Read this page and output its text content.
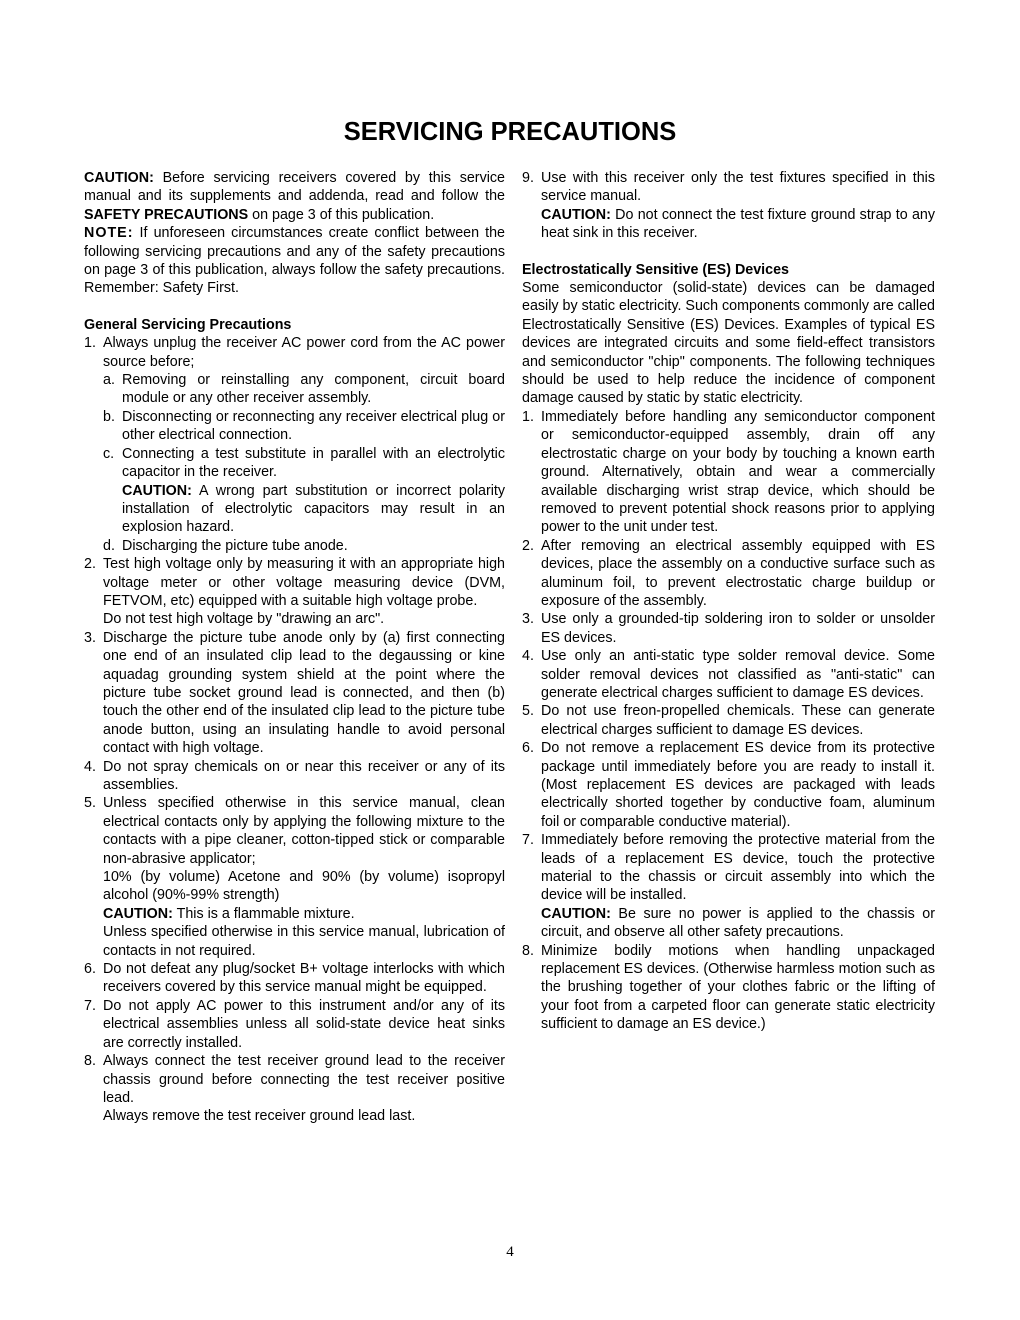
SERVICING PRECAUTIONS

CAUTION: Before servicing receivers covered by this service manual and its supplements and addenda, read and follow the SAFETY PRECAUTIONS on page 3 of this publication.

NOTE: If unforeseen circumstances create conflict between the following servicing precautions and any of the safety precautions on page 3 of this publication, always follow the safety precautions. Remember: Safety First.

General Servicing Precautions

1. Always unplug the receiver AC power cord from the AC power source before;
a. Removing or reinstalling any component, circuit board module or any other receiver assembly.
b. Disconnecting or reconnecting any receiver electrical plug or other electrical connection.
c. Connecting a test substitute in parallel with an electrolytic capacitor in the receiver.

CAUTION: A wrong part substitution or incorrect polarity installation of electrolytic capacitors may result in an explosion hazard.

d. Discharging the picture tube anode.
2. Test high voltage only by measuring it with an appropriate high voltage meter or other voltage measuring device (DVM, FETVOM, etc) equipped with a suitable high voltage probe.

Do not test high voltage by "drawing an arc".

3. Discharge the picture tube anode only by (a) first connecting one end of an insulated clip lead to the degaussing or kine aquadag grounding system shield at the point where the picture tube socket ground lead is connected, and then (b) touch the other end of the insulated clip lead to the picture tube anode button, using an insulating handle to avoid personal contact with high voltage.
4. Do not spray chemicals on or near this receiver or any of its assemblies.
5. Unless specified otherwise in this service manual, clean electrical contacts only by applying the following mixture to the contacts with a pipe cleaner, cotton-tipped stick or comparable non-abrasive applicator;

10% (by volume) Acetone and 90% (by volume) isopropyl alcohol (90%-99% strength)

CAUTION: This is a flammable mixture.

Unless specified otherwise in this service manual, lubrication of contacts in not required.

6. Do not defeat any plug/socket B+ voltage interlocks with which receivers covered by this service manual might be equipped.
7. Do not apply AC power to this instrument and/or any of its electrical assemblies unless all solid-state device heat sinks are correctly installed.
8. Always connect the test receiver ground lead to the receiver chassis ground before connecting the test receiver positive lead.

Always remove the test receiver ground lead last.

9. Use with this receiver only the test fixtures specified in this service manual.

CAUTION: Do not connect the test fixture ground strap to any heat sink in this receiver.

Electrostatically Sensitive (ES) Devices

Some semiconductor (solid-state) devices can be damaged easily by static electricity. Such components commonly are called Electrostatically Sensitive (ES) Devices. Examples of typical ES devices are integrated circuits and some field-effect transistors and semiconductor "chip" components. The following techniques should be used to help reduce the incidence of component damage caused by static by static electricity.

1. Immediately before handling any semiconductor component or semiconductor-equipped assembly, drain off any electrostatic charge on your body by touching a known earth ground. Alternatively, obtain and wear a commercially available discharging wrist strap device, which should be removed to prevent potential shock reasons prior to applying power to the unit under test.
2. After removing an electrical assembly equipped with ES devices, place the assembly on a conductive surface such as aluminum foil, to prevent electrostatic charge buildup or exposure of the assembly.
3. Use only a grounded-tip soldering iron to solder or unsolder ES devices.
4. Use only an anti-static type solder removal device. Some solder removal devices not classified as "anti-static" can generate electrical charges sufficient to damage ES devices.
5. Do not use freon-propelled chemicals. These can generate electrical charges sufficient to damage ES devices.
6. Do not remove a replacement ES device from its protective package until immediately before you are ready to install it. (Most replacement ES devices are packaged with leads electrically shorted together by conductive foam, aluminum foil or comparable conductive material).
7. Immediately before removing the protective material from the leads of a replacement ES device, touch the protective material to the chassis or circuit assembly into which the device will be installed.

CAUTION: Be sure no power is applied to the chassis or circuit, and observe all other safety precautions.

8. Minimize bodily motions when handling unpackaged replacement ES devices. (Otherwise harmless motion such as the brushing together of your clothes fabric or the lifting of your foot from a carpeted floor can generate static electricity sufficient to damage an ES device.)
4
